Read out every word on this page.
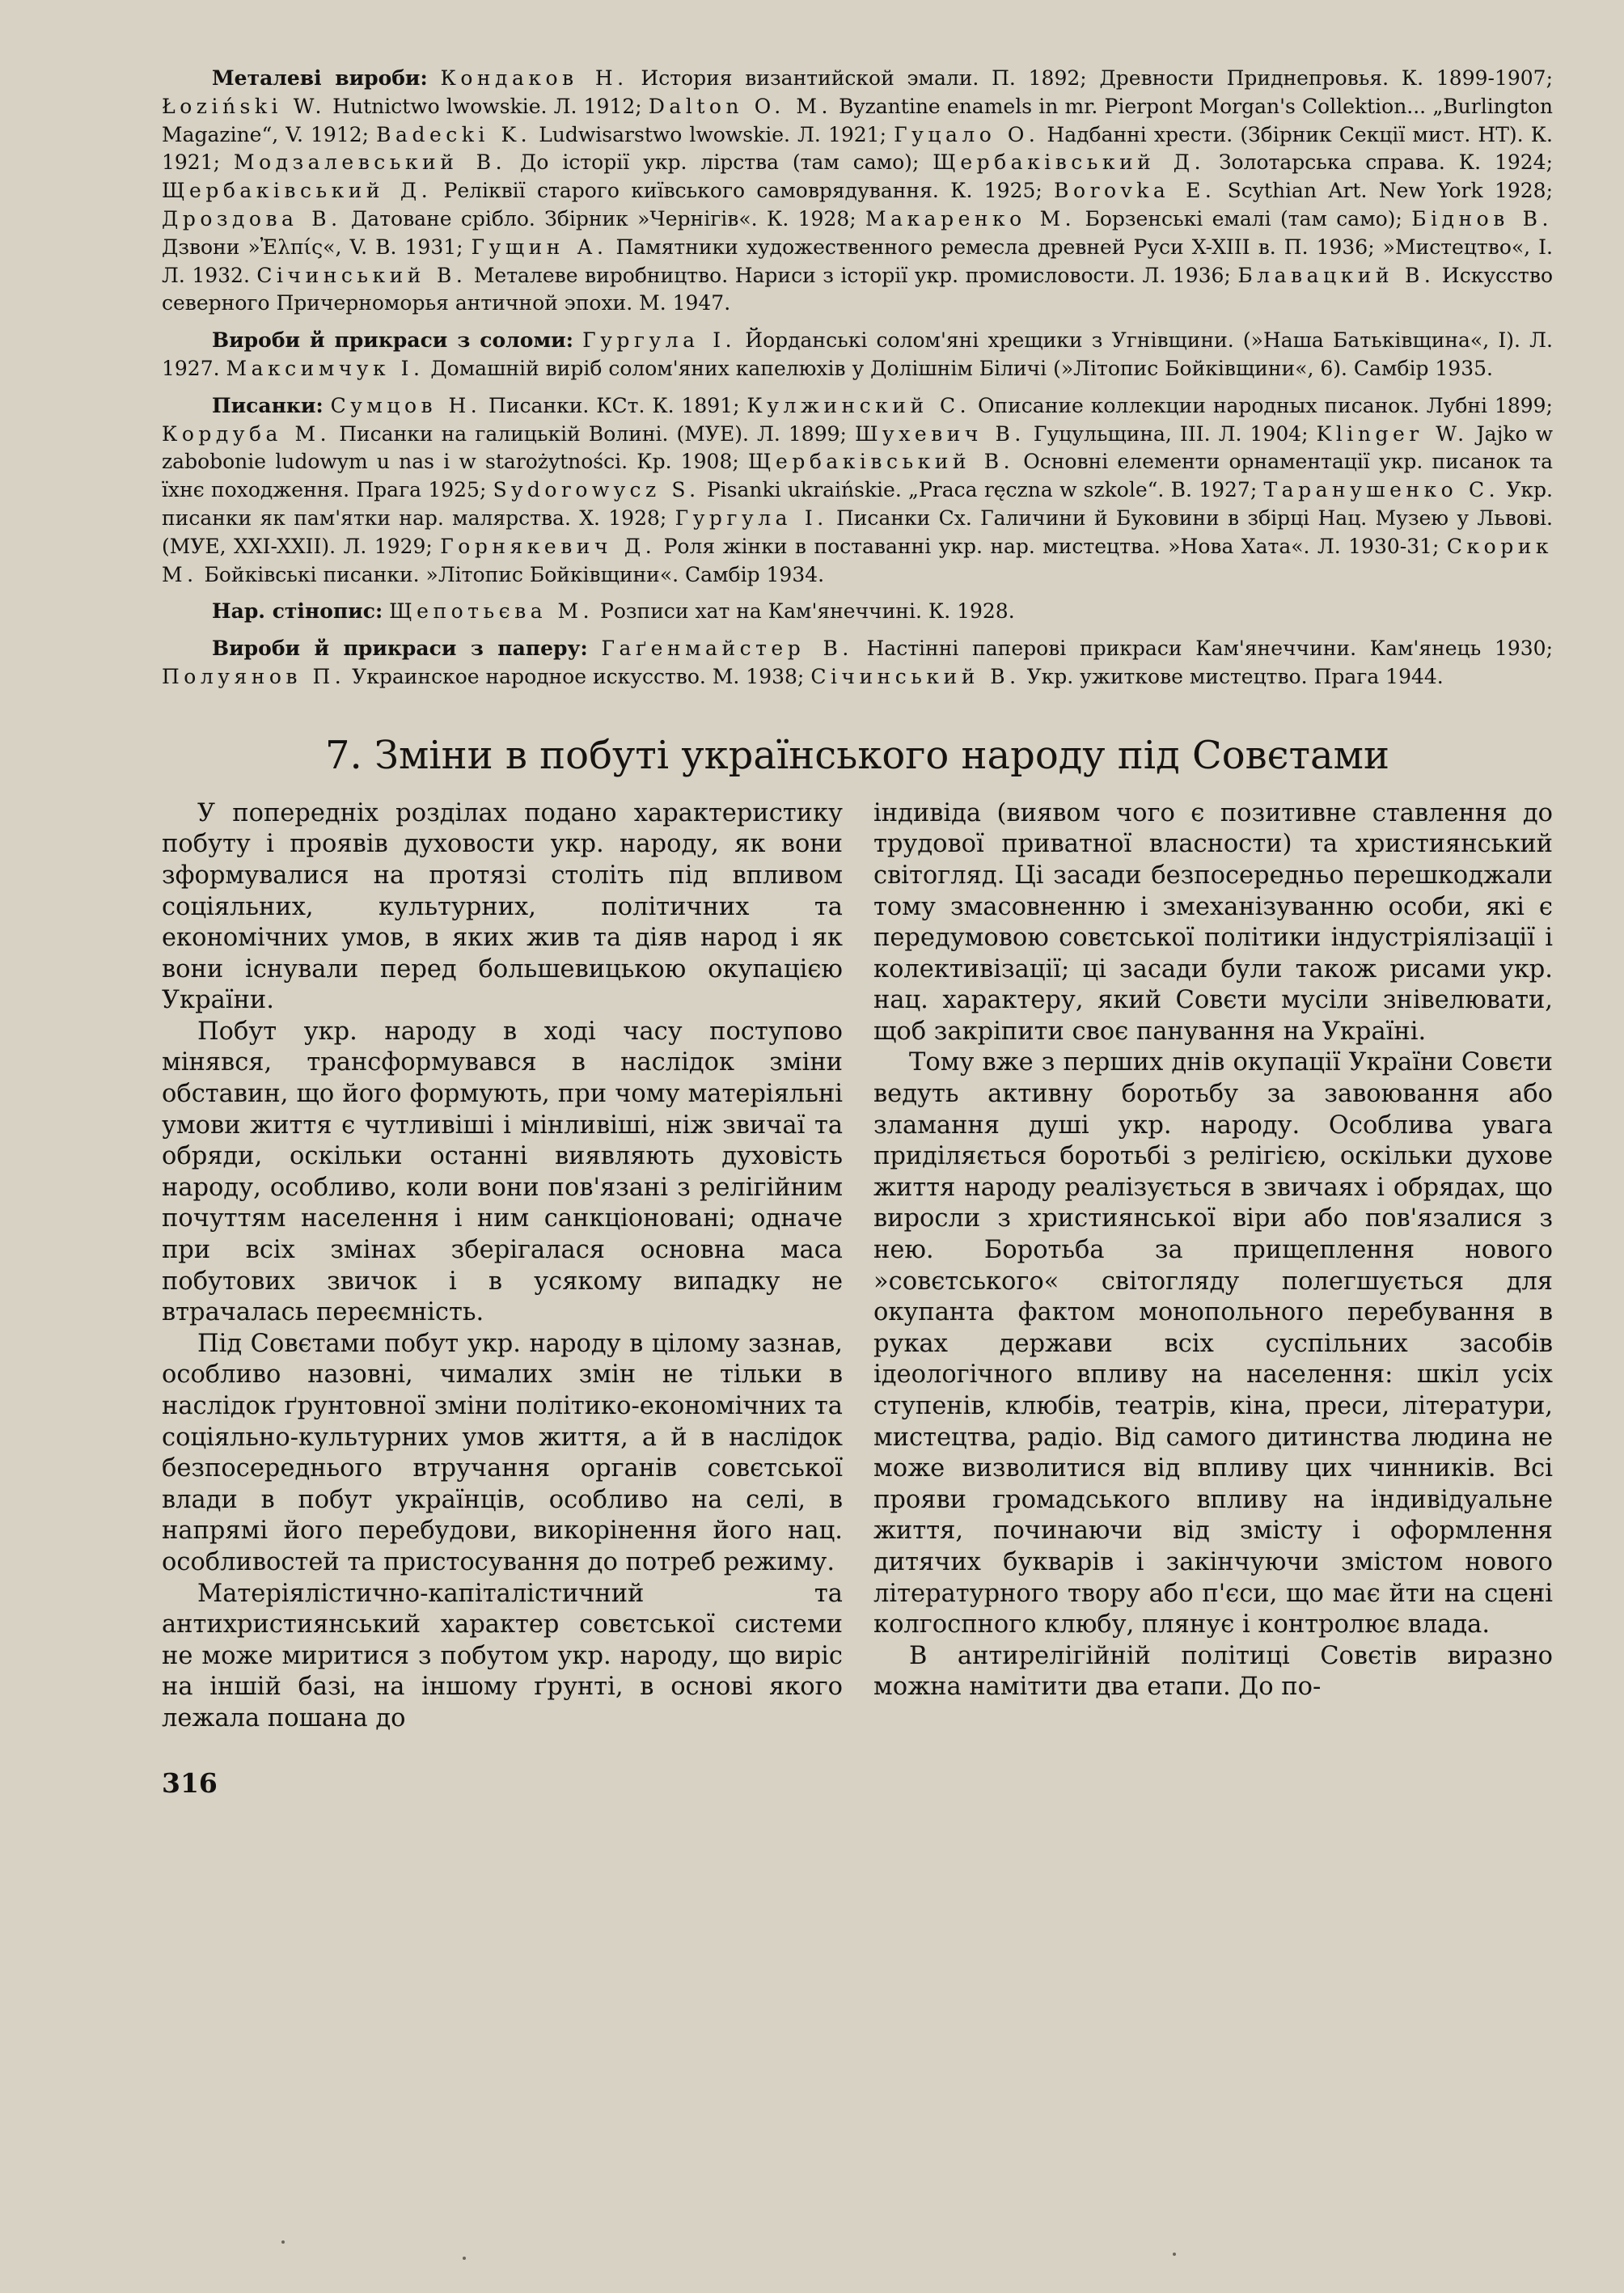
Металеві вироби: Кондаков Н. История византийской эмали. П. 1892; Древности Приднепровья. К. 1899-1907; Łoziński W. Hutnictwo lwowskie. Л. 1912; Dalton O. M. Byzantine enamels in mr. Pierpont Morgan's Collektion... „Burlington Magazine“, V. 1912; Badecki K. Ludwisarstwo lwowskie. Л. 1921; Гуцало О. Надбанні хрести. (Збірник Секції мист. НТ). К. 1921; Модзалевський В. До історії укр. лірства (там само); Щербаківський Д. Золотарська справа. К. 1924; Щербаківський Д. Реліквії старого київського самоврядування. К. 1925; Borovka E. Scythian Art. New York 1928; Дроздова В. Датоване срібло. Збірник »Чернігів«. К. 1928; Макаренко М. Борзенські емалі (там само); Біднов В. Дзвони »Ἐλπίς«, V. В. 1931; Гущин А. Памятники художественного ремесла древней Руси X-XIII в. П. 1936; »Мистецтво«, I. Л. 1932. Січинський В. Металеве виробництво. Нариси з історії укр. промисловости. Л. 1936; Блавацкий В. Искусство северного Причерноморья античной эпохи. М. 1947.

Вироби й прикраси з соломи: Гургула I. Йорданські солом'яні хрещики з Угнівщини. (»Наша Батьківщина«, I). Л. 1927. Максимчук I. Домашній виріб солом'яних капелюхів у Долішнім Біличі (»Літопис Бойківщини«, 6). Самбір 1935.

Писанки: Сумцов Н. Писанки. КСт. К. 1891; Кулжинский С. Описание коллекции народных писанок. Лубні 1899; Кордуба М. Писанки на галицькій Волині. (МУЕ). Л. 1899; Шухевич В. Гуцульщина, III. Л. 1904; Klinger W. Jajko w zabobonie ludowym u nas i w starożytności. Кр. 1908; Щербаківський В. Основні елементи орнаментації укр. писанок та їхнє походження. Прага 1925; Sydorowycz S. Pisanki ukraińskie. „Praca ręczna w szkole“. В. 1927; Таранушенко С. Укр. писанки як пам'ятки нар. малярства. Х. 1928; Гургула I. Писанки Сх. Галичини й Буковини в збірці Нац. Музею у Львові. (МУЕ, XXI-XXII). Л. 1929; Горнякевич Д. Роля жінки в поставанні укр. нар. мистецтва. »Нова Хата«. Л. 1930-31; Скорик М. Бойківські писанки. »Літопис Бойківщини«. Самбір 1934.

Нар. стінопис: Щепотьєва М. Розписи хат на Кам'янеччині. К. 1928.

Вироби й прикраси з паперу: Гаґенмайстер В. Настінні паперові прикраси Кам'янеччини. Кам'янець 1930; Полуянов П. Украинское народное искусство. М. 1938; Січинський В. Укр. ужиткове мистецтво. Прага 1944.

7. Зміни в побуті українського народу під Совєтами

У попередніх розділах подано характеристику побуту і проявів духовости укр. народу, як вони зформувалися на протязі століть під впливом соціяльних, культурних, політичних та економічних умов, в яких жив та діяв народ і як вони існували перед большевицькою окупацією України.

Побут укр. народу в ході часу поступово мінявся, трансформувався в наслідок зміни обставин, що його формують, при чому матеріяльні умови життя є чутливіші і мінливіші, ніж звичаї та обряди, оскільки останні виявляють духовість народу, особливо, коли вони пов'язані з релігійним почуттям населення і ним санкціоновані; одначе при всіх змінах зберігалася основна маса побутових звичок і в усякому випадку не втрачалась переємність.

Під Совєтами побут укр. народу в цілому зазнав, особливо назовні, чималих змін не тільки в наслідок ґрунтовної зміни політико-економічних та соціяльно-культурних умов життя, а й в наслідок безпосереднього втручання органів совєтської влади в побут українців, особливо на селі, в напрямі його перебудови, викорінення його нац. особливостей та пристосування до потреб режиму.

Матеріялістично-капіталістичний та антихристиянський характер совєтської системи не може миритися з побутом укр. народу, що виріс на іншій базі, на іншому ґрунті, в основі якого лежала пошана до

індивіда (виявом чого є позитивне ставлення до трудової приватної власности) та християнський світогляд. Ці засади безпосередньо перешкоджали тому змасовненню і змеханізуванню особи, які є передумовою совєтської політики індустріялізації і колективізації; ці засади були також рисами укр. нац. характеру, який Совєти мусіли знівелювати, щоб закріпити своє панування на Україні.

Тому вже з перших днів окупації України Совєти ведуть активну боротьбу за завоювання або зламання душі укр. народу. Особлива увага приділяється боротьбі з релігією, оскільки духове життя народу реалізується в звичаях і обрядах, що виросли з християнської віри або пов'язалися з нею. Боротьба за прищеплення нового »совєтського« світогляду полегшується для окупанта фактом монопольного перебування в руках держави всіх суспільних засобів ідеологічного впливу на населення: шкіл усіх ступенів, клюбів, театрів, кіна, преси, літератури, мистецтва, радіо. Від самого дитинства людина не може визволитися від впливу цих чинників. Всі прояви громадського впливу на індивідуальне життя, починаючи від змісту і оформлення дитячих букварів і закінчуючи змістом нового літературного твору або п'єси, що має йти на сцені колгоспного клюбу, плянує і контролює влада.

В антирелігійній політиці Совєтів виразно можна намітити два етапи. До по-

316
